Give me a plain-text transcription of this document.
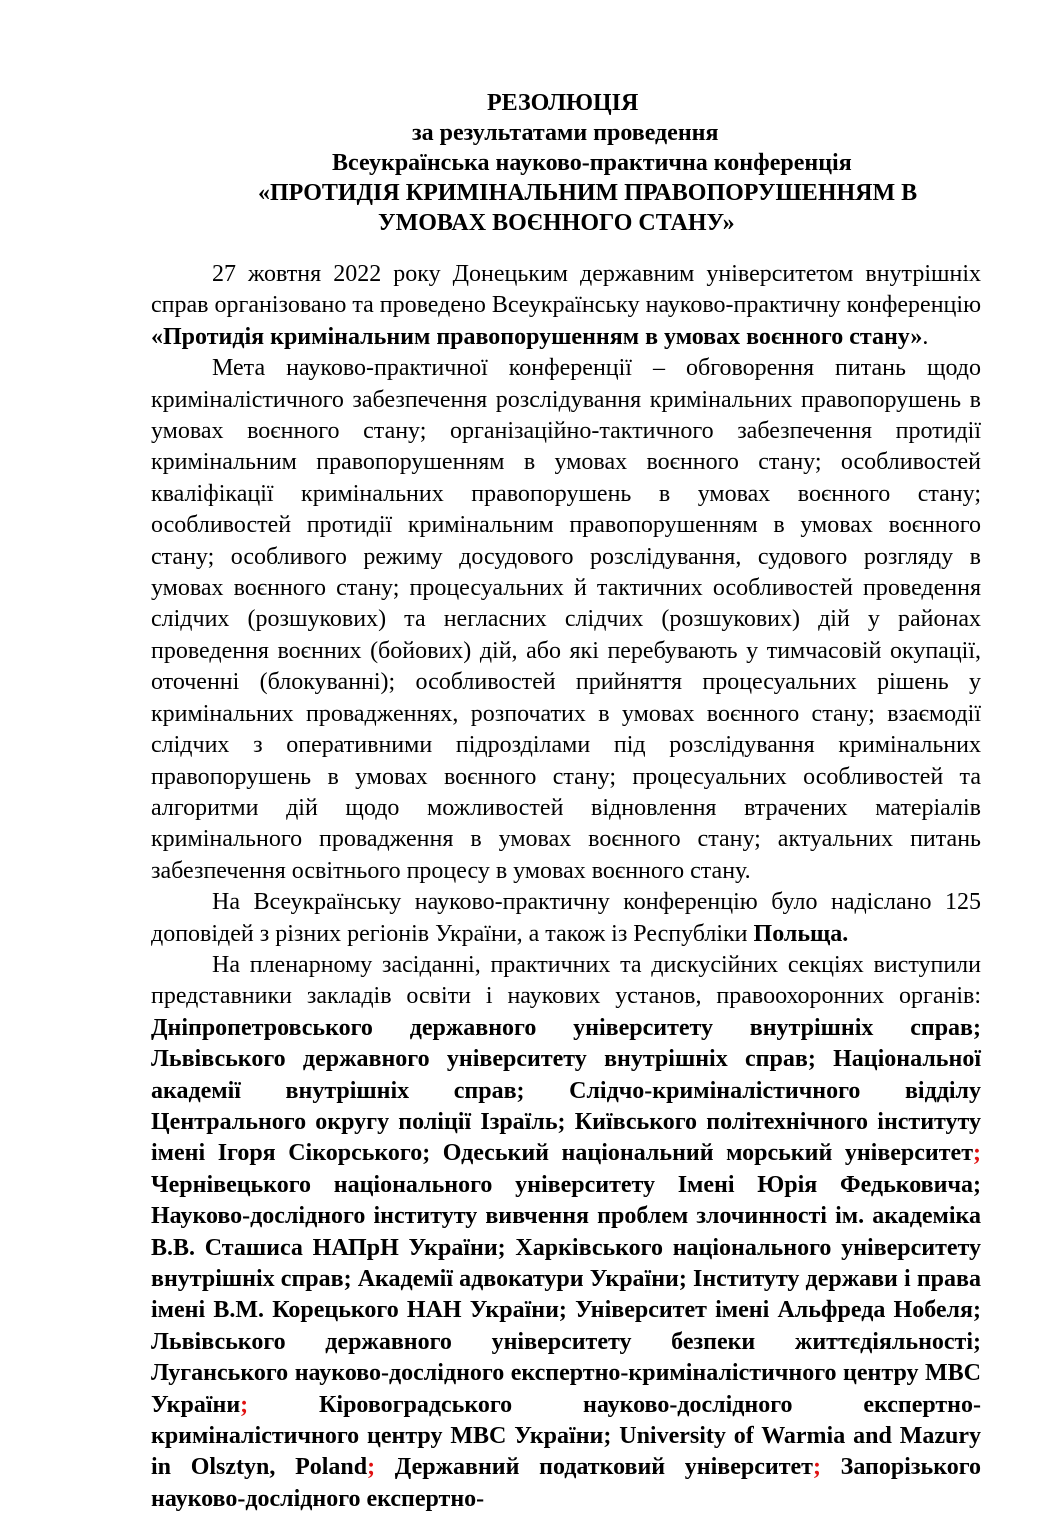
РЕЗОЛЮЦІЯ
за результатами проведення
Всеукраїнська науково-практична конференція
«ПРОТИДІЯ КРИМІНАЛЬНИМ ПРАВОПОРУШЕННЯМ В
УМОВАХ ВОЄННОГО СТАНУ»

27 жовтня 2022 року Донецьким державним університетом внутрішніх справ організовано та проведено Всеукраїнську науково-практичну конференцію «Протидія кримінальним правопорушенням в умовах воєнного стану».

Мета науково-практичної конференції – обговорення питань щодо криміналістичного забезпечення розслідування кримінальних правопорушень в умовах воєнного стану; організаційно-тактичного забезпечення протидії кримінальним правопорушенням в умовах воєнного стану; особливостей кваліфікації кримінальних правопорушень в умовах воєнного стану; особливостей протидії кримінальним правопорушенням в умовах воєнного стану; особливого режиму досудового розслідування, судового розгляду в умовах воєнного стану; процесуальних й тактичних особливостей проведення слідчих (розшукових) та негласних слідчих (розшукових) дій у районах проведення воєнних (бойових) дій, або які перебувають у тимчасовій окупації, оточенні (блокуванні); особливостей прийняття процесуальних рішень у кримінальних провадженнях, розпочатих в умовах воєнного стану; взаємодії слідчих з оперативними підрозділами під розслідування кримінальних правопорушень в умовах воєнного стану; процесуальних особливостей та алгоритми дій щодо можливостей відновлення втрачених матеріалів кримінального провадження в умовах воєнного стану; актуальних питань забезпечення освітнього процесу в умовах воєнного стану.

На Всеукраїнську науково-практичну конференцію було надіслано 125 доповідей з різних регіонів України, а також із Республіки Польща.

На пленарному засіданні, практичних та дискусійних секціях виступили представники закладів освіти і наукових установ, правоохоронних органів: Дніпропетровського державного університету внутрішніх справ; Львівського державного університету внутрішніх справ; Національної академії внутрішніх справ; Слідчо-криміналістичного відділу Центрального округу поліції Ізраїль; Київського політехнічного інституту імені Ігоря Сікорського; Одеський національний морський університет; Чернівецького національного університету Імені Юрія Федьковича; Науково-дослідного інституту вивчення проблем злочинності ім. академіка В.В. Сташиса НАПрН України; Харківського національного університету внутрішніх справ; Академії адвокатури України; Інституту держави і права імені В.М. Корецького НАН України; Університет імені Альфреда Нобеля; Львівського державного університету безпеки життєдіяльності; Луганського науково-дослідного експертно-криміналістичного центру МВС України; Кіровоградського науково-дослідного експертно-криміналістичного центру МВС України; University of Warmia and Mazury in Olsztyn, Poland; Державний податковий університет; Запорізького науково-дослідного експертно-
